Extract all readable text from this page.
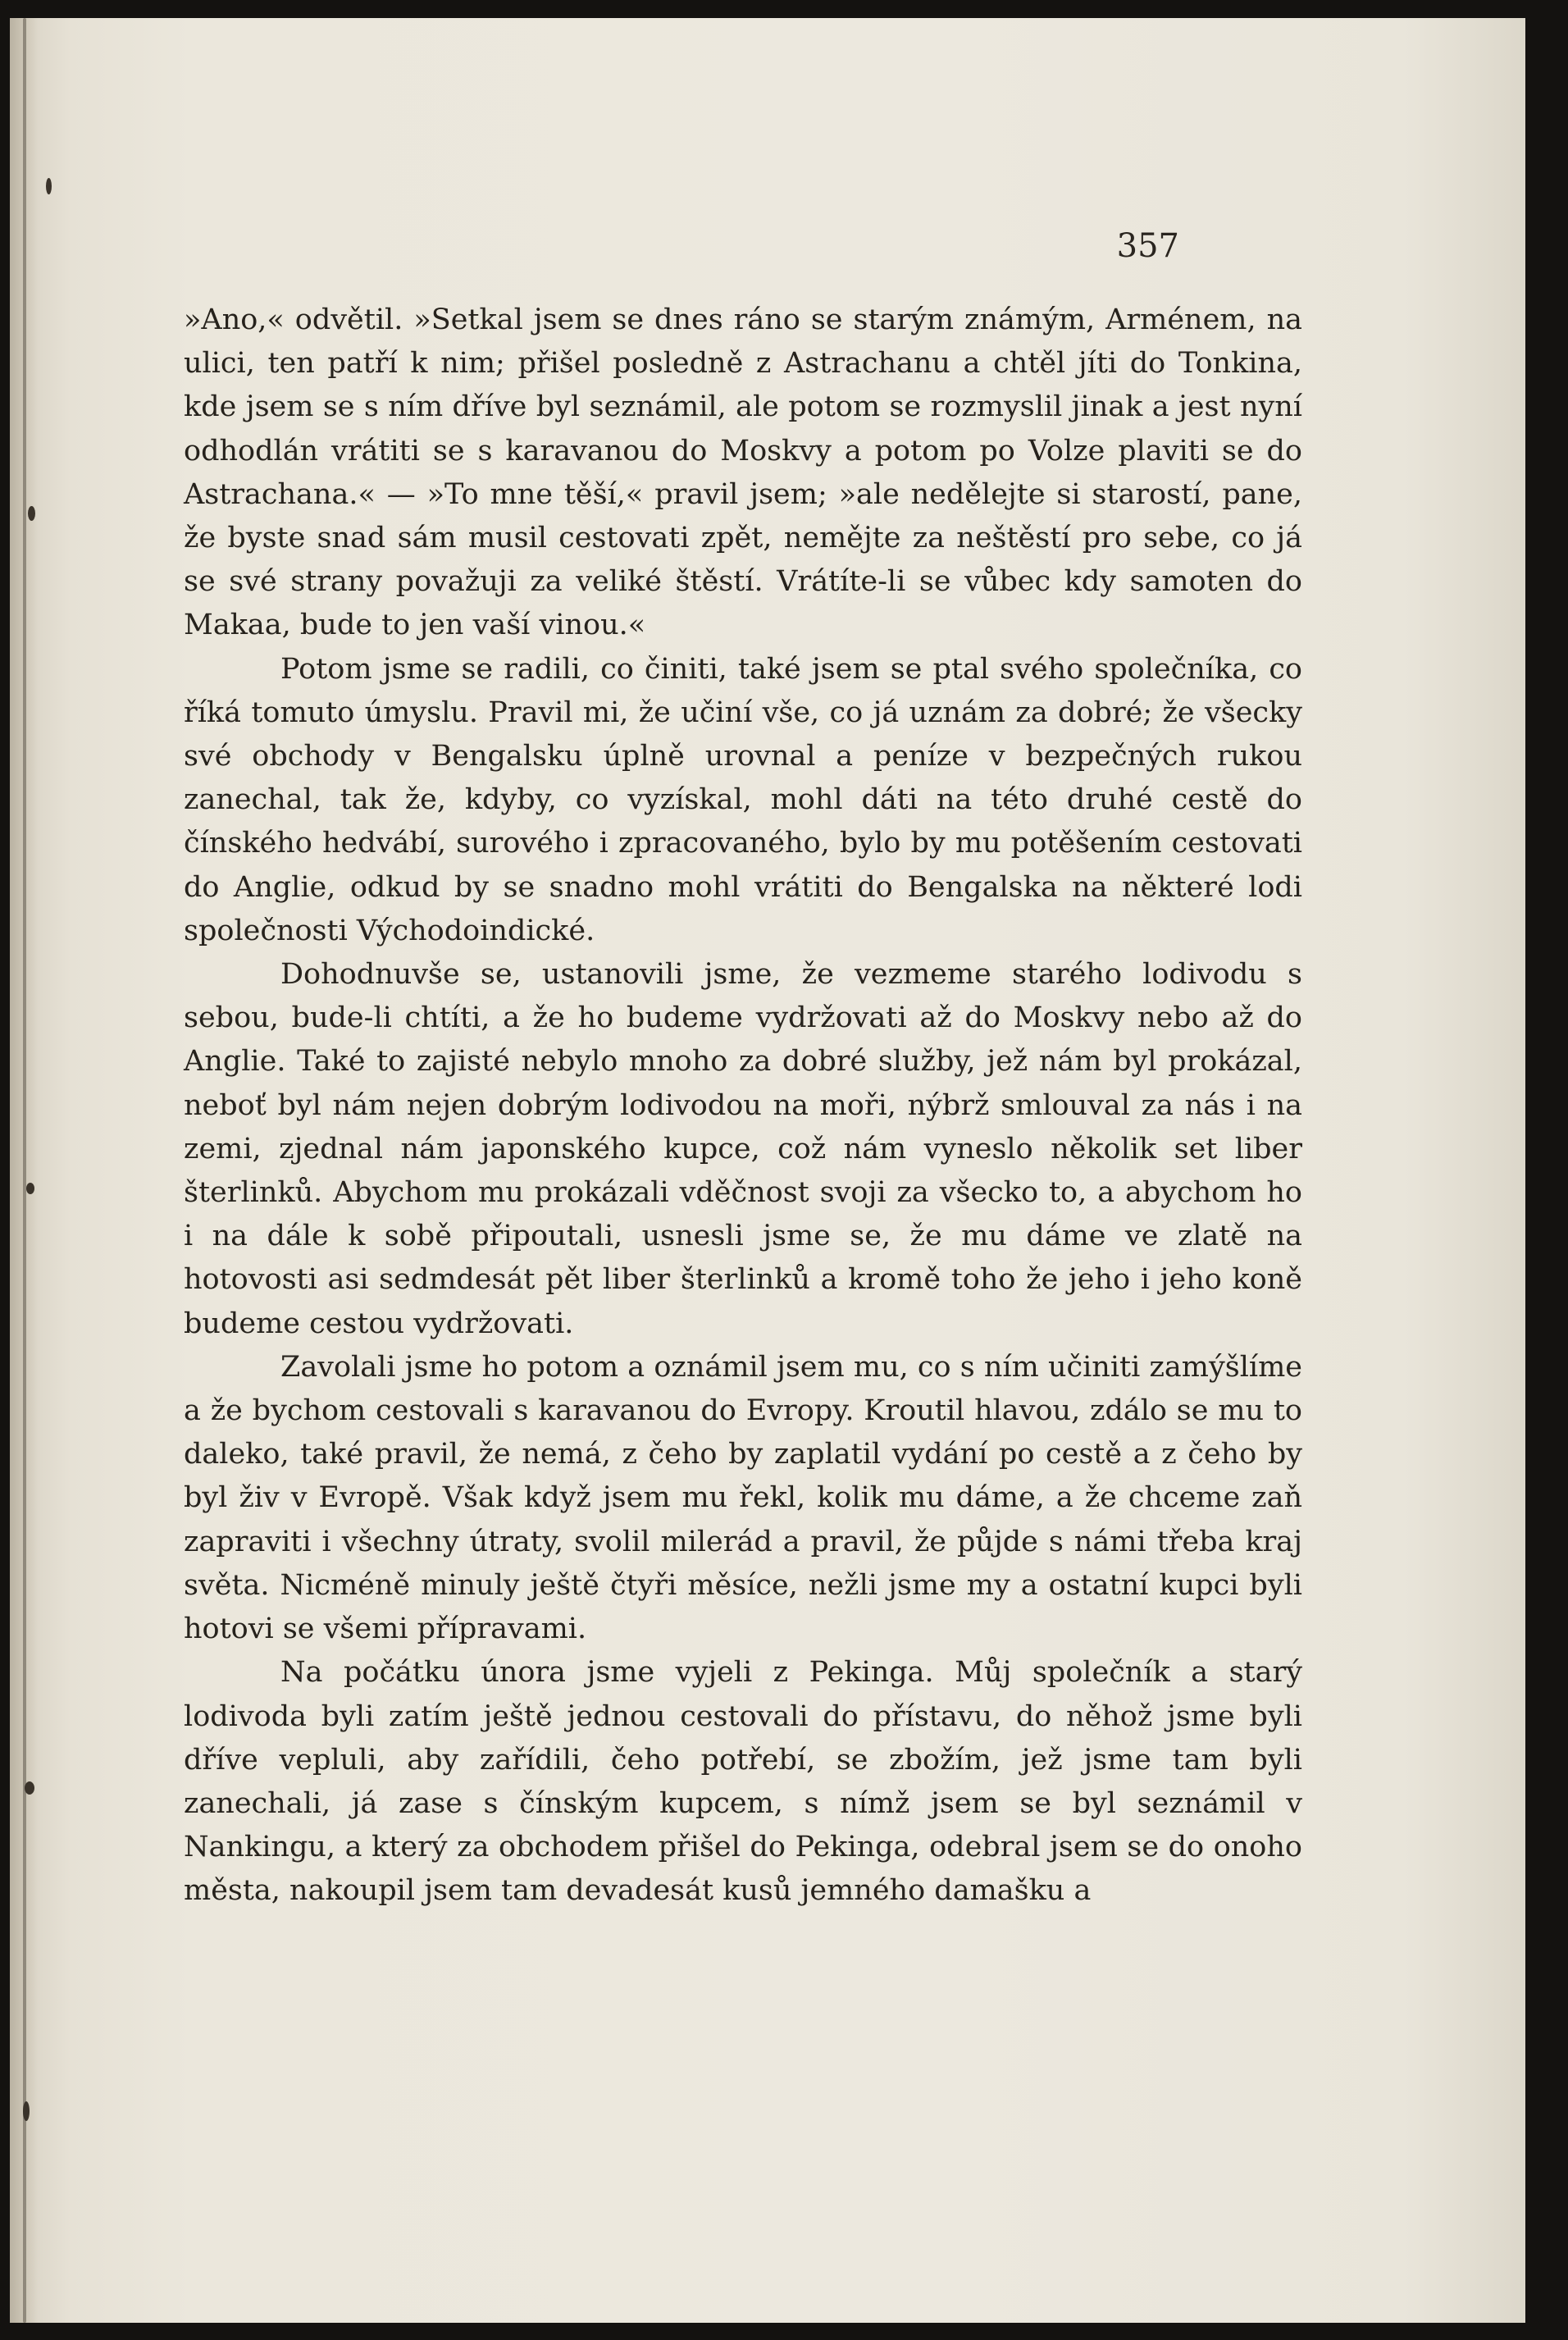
357

»Ano,« odvětil. »Setkal jsem se dnes ráno se starým známým, Arménem, na ulici, ten patří k nim; přišel posledně z Astrachanu a chtěl jíti do Tonkina, kde jsem se s ním dříve byl seznámil, ale potom se rozmyslil jinak a jest nyní odhodlán vrátiti se s karavanou do Moskvy a potom po Volze plaviti se do Astrachana.« — »To mne těší,« pravil jsem; »ale nedělejte si starostí, pane, že byste snad sám musil cestovati zpět, nemějte za neštěstí pro sebe, co já se své strany považuji za veliké štěstí. Vrátíte-li se vůbec kdy samoten do Makaa, bude to jen vaší vinou.«

Potom jsme se radili, co činiti, také jsem se ptal svého společníka, co říká tomuto úmyslu. Pravil mi, že učiní vše, co já uznám za dobré; že všecky své obchody v Bengalsku úplně urovnal a peníze v bezpečných rukou zanechal, tak že, kdyby, co vyzískal, mohl dáti na této druhé cestě do čínského hedvábí, surového i zpracovaného, bylo by mu potěšením cestovati do Anglie, odkud by se snadno mohl vrátiti do Bengalska na některé lodi společnosti Východoindické.

Dohodnuvše se, ustanovili jsme, že vezmeme starého lodivodu s sebou, bude-li chtíti, a že ho budeme vydržovati až do Moskvy nebo až do Anglie. Také to zajisté nebylo mnoho za dobré služby, jež nám byl prokázal, neboť byl nám nejen dobrým lodivodou na moři, nýbrž smlouval za nás i na zemi, zjednal nám japonského kupce, což nám vyneslo několik set liber šterlinků. Abychom mu prokázali vděčnost svoji za všecko to, a abychom ho i na dále k sobě připoutali, usnesli jsme se, že mu dáme ve zlatě na hotovosti asi sedmdesát pět liber šterlinků a kromě toho že jeho i jeho koně budeme cestou vydržovati.

Zavolali jsme ho potom a oznámil jsem mu, co s ním učiniti zamýšlíme a že bychom cestovali s karavanou do Evropy. Kroutil hlavou, zdálo se mu to daleko, také pravil, že nemá, z čeho by zaplatil vydání po cestě a z čeho by byl živ v Evropě. Však když jsem mu řekl, kolik mu dáme, a že chceme zaň zapraviti i všechny útraty, svolil milerád a pravil, že půjde s námi třeba kraj světa. Nicméně minuly ještě čtyři měsíce, nežli jsme my a ostatní kupci byli hotovi se všemi přípravami.

Na počátku února jsme vyjeli z Pekinga. Můj společník a starý lodivoda byli zatím ještě jednou cestovali do přístavu, do něhož jsme byli dříve vepluli, aby zařídili, čeho potřebí, se zbožím, jež jsme tam byli zanechali, já zase s čínským kupcem, s nímž jsem se byl seznámil v Nankingu, a který za obchodem přišel do Pekinga, odebral jsem se do onoho města, nakoupil jsem tam devadesát kusů jemného damašku a
